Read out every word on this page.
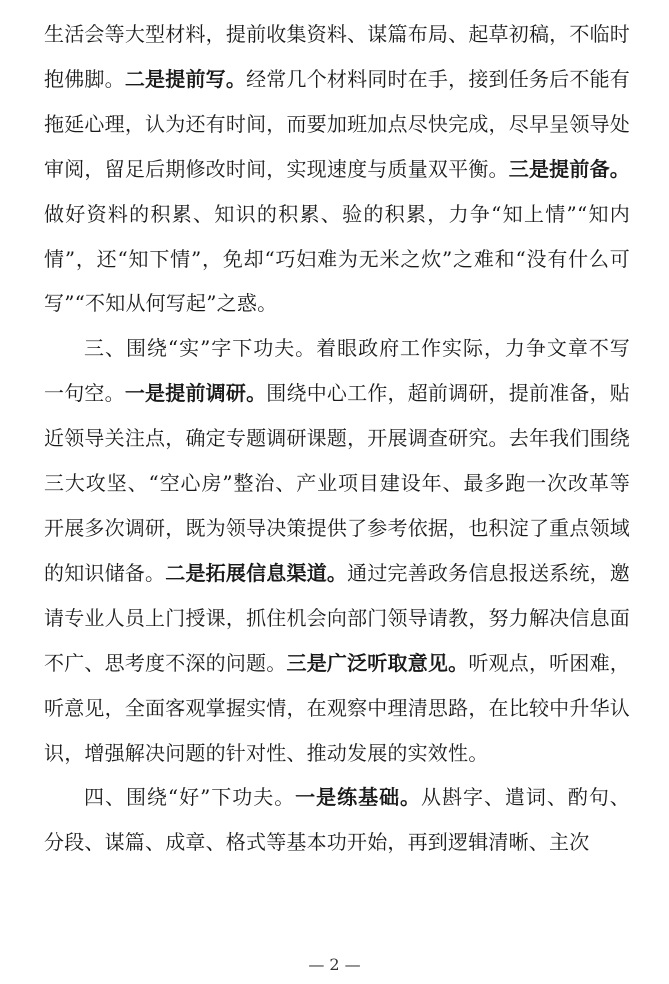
生活会等大型材料，提前收集资料、谋篇布局、起草初稿，不临时抱佛脚。二是提前写。经常几个材料同时在手，接到任务后不能有拖延心理，认为还有时间，而要加班加点尽快完成，尽早呈领导处审阅，留足后期修改时间，实现速度与质量双平衡。三是提前备。做好资料的积累、知识的积累、验的积累，力争“知上情”“知内情”，还“知下情”，免却“巧妇难为无米之炊”之难和“没有什么可写”“不知从何写起”之惑。

三、围绕“实”字下功夫。着眼政府工作实际，力争文章不写一句空。一是提前调研。围绕中心工作，超前调研，提前准备，贴近领导关注点，确定专题调研课题，开展调查研究。去年我们围绕三大攻坚、“空心房”整治、产业项目建设年、最多跑一次改革等开展多次调研，既为领导决策提供了参考依据，也积淀了重点领域的知识储备。二是拓展信息渠道。通过完善政务信息报送系统，邀请专业人员上门授课，抓住机会向部门领导请教，努力解决信息面不广、思考度不深的问题。三是广泛听取意见。听观点，听困难，听意见，全面客观掌握实情，在观察中理清思路，在比较中升华认识，增强解决问题的针对性、推动发展的实效性。

四、围绕“好”下功夫。一是练基础。从斟字、遣词、酌句、分段、谋篇、成章、格式等基本功开始，再到逻辑清晰、主次

— 2 —
